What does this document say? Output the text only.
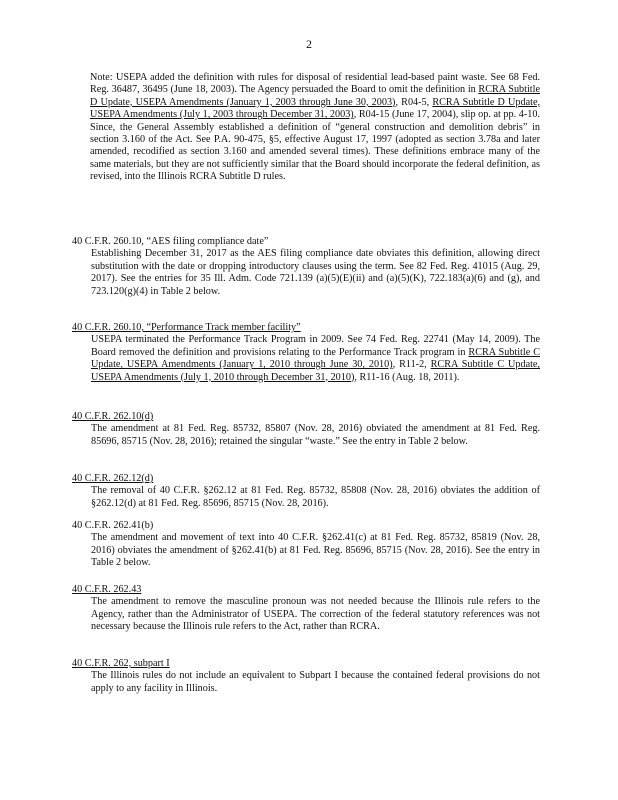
2

Note: USEPA added the definition with rules for disposal of residential lead-based paint waste. See 68 Fed. Reg. 36487, 36495 (June 18, 2003). The Agency persuaded the Board to omit the definition in RCRA Subtitle D Update, USEPA Amendments (January 1, 2003 through June 30, 2003), R04-5, RCRA Subtitle D Update, USEPA Amendments (July 1, 2003 through December 31, 2003), R04-15 (June 17, 2004), slip op. at pp. 4-10. Since, the General Assembly established a definition of “general construction and demolition debris” in section 3.160 of the Act. See P.A. 90-475, §5, effective August 17, 1997 (adopted as section 3.78a and later amended, recodified as section 3.160 and amended several times). These definitions embrace many of the same materials, but they are not sufficiently similar that the Board should incorporate the federal definition, as revised, into the Illinois RCRA Subtitle D rules.

40 C.F.R. 260.10, “AES filing compliance date”

Establishing December 31, 2017 as the AES filing compliance date obviates this definition, allowing direct substitution with the date or dropping introductory clauses using the term. See 82 Fed. Reg. 41015 (Aug. 29, 2017). See the entries for 35 Ill. Adm. Code 721.139 (a)(5)(E)(ii) and (a)(5)(K), 722.183(a)(6) and (g), and 723.120(g)(4) in Table 2 below.

40 C.F.R. 260.10, “Performance Track member facility”

USEPA terminated the Performance Track Program in 2009. See 74 Fed. Reg. 22741 (May 14, 2009). The Board removed the definition and provisions relating to the Performance Track program in RCRA Subtitle C Update, USEPA Amendments (January 1, 2010 through June 30, 2010), R11-2, RCRA Subtitle C Update, USEPA Amendments (July 1, 2010 through December 31, 2010), R11-16 (Aug. 18, 2011).

40 C.F.R. 262.10(d)

The amendment at 81 Fed. Reg. 85732, 85807 (Nov. 28, 2016) obviated the amendment at 81 Fed. Reg. 85696, 85715 (Nov. 28, 2016); retained the singular “waste.” See the entry in Table 2 below.

40 C.F.R. 262.12(d)

The removal of 40 C.F.R. §262.12 at 81 Fed. Reg. 85732, 85808 (Nov. 28, 2016) obviates the addition of §262.12(d) at 81 Fed. Reg. 85696, 85715 (Nov. 28, 2016).

40 C.F.R. 262.41(b)

The amendment and movement of text into 40 C.F.R. §262.41(c) at 81 Fed. Reg. 85732, 85819 (Nov. 28, 2016) obviates the amendment of §262.41(b) at 81 Fed. Reg. 85696, 85715 (Nov. 28, 2016). See the entry in Table 2 below.

40 C.F.R. 262.43

The amendment to remove the masculine pronoun was not needed because the Illinois rule refers to the Agency, rather than the Administrator of USEPA. The correction of the federal statutory references was not necessary because the Illinois rule refers to the Act, rather than RCRA.

40 C.F.R. 262, subpart I

The Illinois rules do not include an equivalent to Subpart I because the contained federal provisions do not apply to any facility in Illinois.
